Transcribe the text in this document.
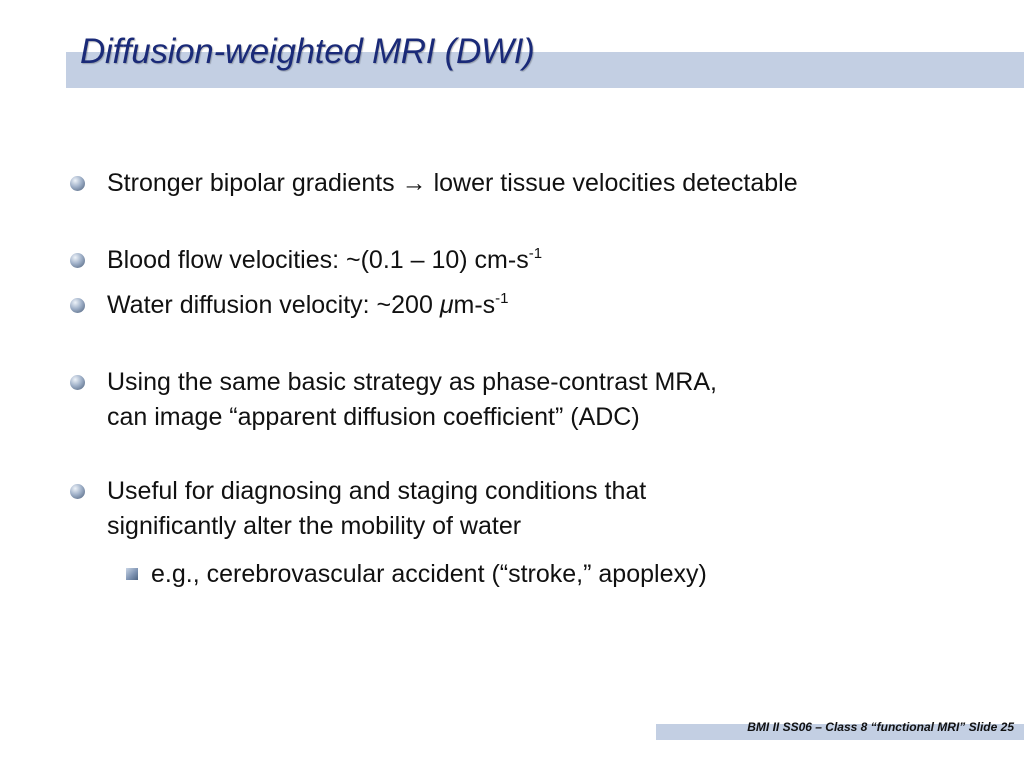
Diffusion-weighted MRI (DWI)
Stronger bipolar gradients → lower tissue velocities detectable
Blood flow velocities: ~(0.1 – 10) $cm-s^{-1}$
Water diffusion velocity: ~200 $\mu m-s^{-1}$
Using the same basic strategy as phase-contrast MRA,
can image “apparent diffusion coefficient” (ADC)
Useful for diagnosing and staging conditions that
significantly alter the mobility of water
e.g., cerebrovascular accident (“stroke,” apoplexy)
BMI II SS06 – Class 8 “functional MRI” Slide 25
